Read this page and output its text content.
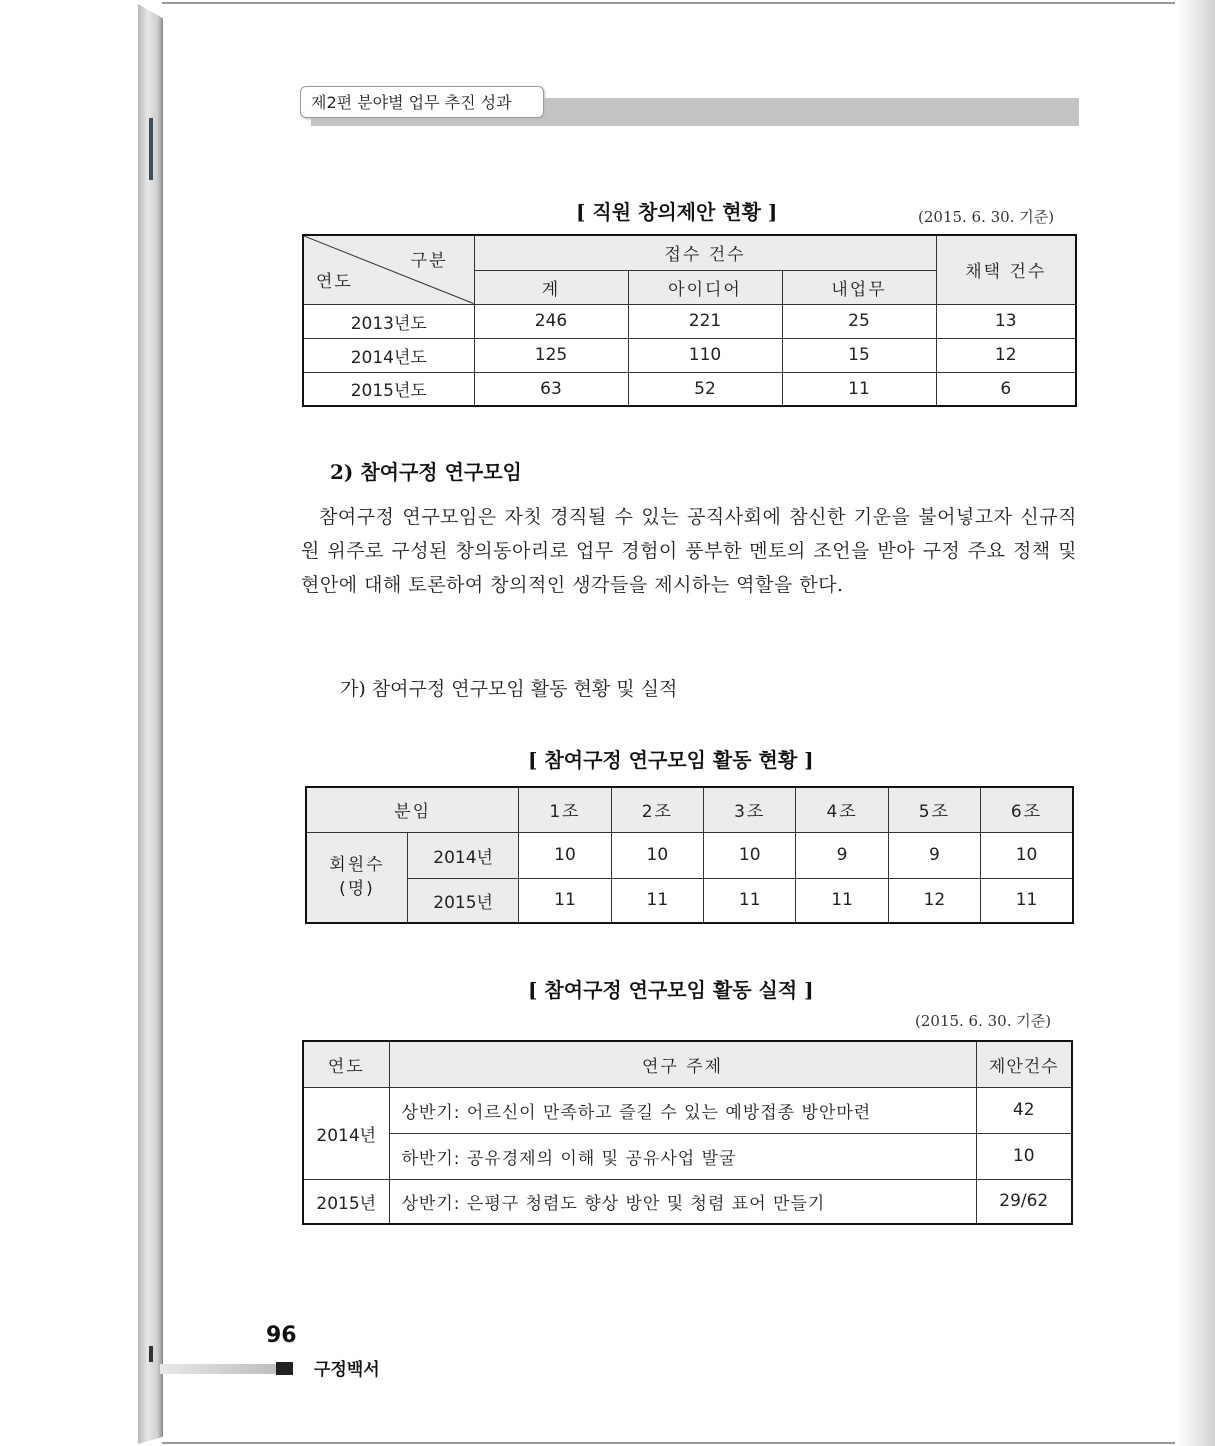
제2편 분야별 업무 추진 성과
[ 직원 창의제안 현황 ]	(2015. 6. 30. 기준)
구분
연도	접수 건수			채택 건수
	계	아이디어	내업무	
2013년도	246	221	25	13
2014년도	125	110	15	12
2015년도	63	52	11	6
2) 참여구정 연구모임
참여구정 연구모임은 자칫 경직될 수 있는 공직사회에 참신한 기운을 불어넣고자 신규직원 위주로 구성된 창의동아리로 업무 경험이 풍부한 멘토의 조언을 받아 구정 주요 정책 및 현안에 대해 토론하여 창의적인 생각들을 제시하는 역할을 한다.
가) 참여구정 연구모임 활동 현황 및 실적
[ 참여구정 연구모임 활동 현황 ]
분임		1조	2조	3조	4조	5조	6조
회원수
(명)	2014년	10	10	10	9	9	10
	2015년	11	11	11	11	12	11
[ 참여구정 연구모임 활동 실적 ]
(2015. 6. 30. 기준)
연도	연구 주제	제안건수
2014년	상반기: 어르신이 만족하고 즐길 수 있는 예방접종 방안마련	42
	하반기: 공유경제의 이해 및 공유사업 발굴	10
2015년	상반기: 은평구 청렴도 향상 방안 및 청렴 표어 만들기	29/62
96
구정백서
